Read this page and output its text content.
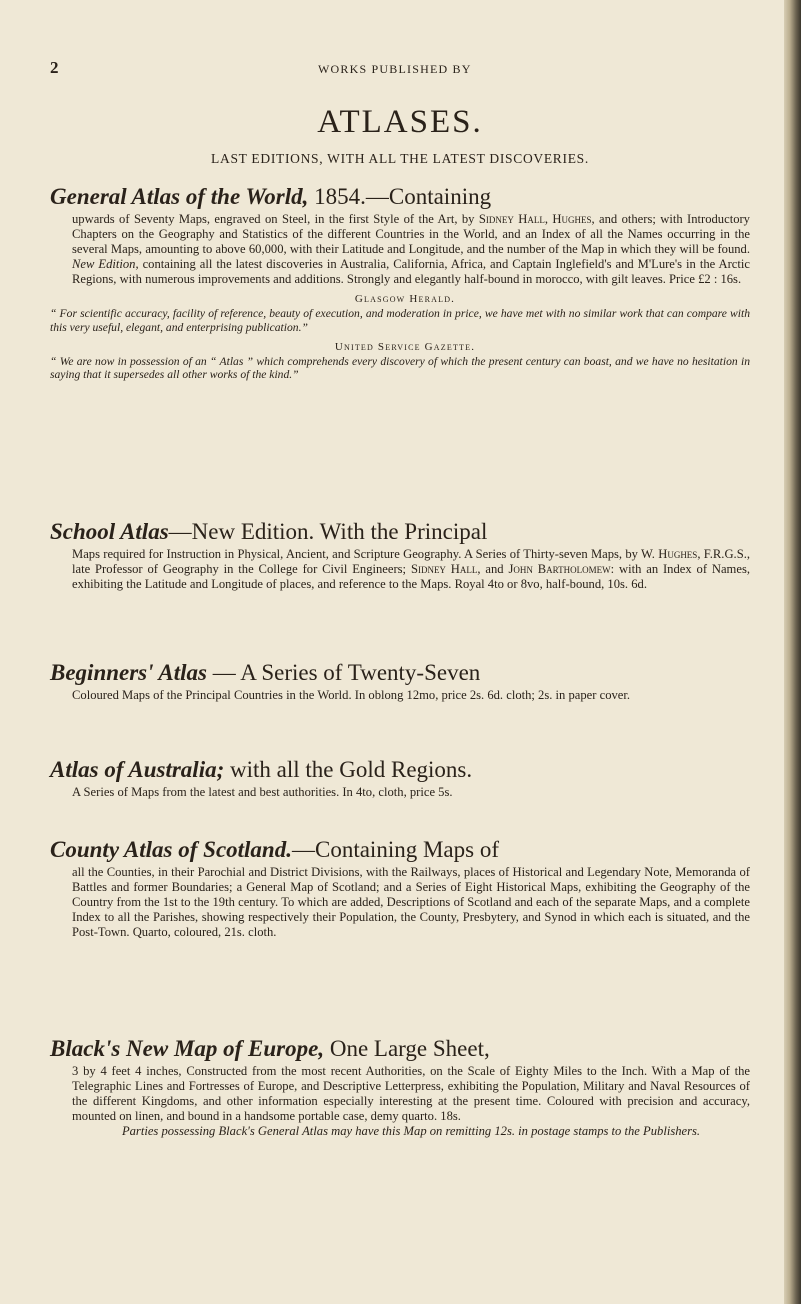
2	WORKS PUBLISHED BY
ATLASES.
LAST EDITIONS, WITH ALL THE LATEST DISCOVERIES.
General Atlas of the World, 1854.—Containing
upwards of Seventy Maps, engraved on Steel, in the first Style of the Art, by Sidney Hall, Hughes, and others; with Introductory Chapters on the Geography and Statistics of the different Countries in the World, and an Index of all the Names occurring in the several Maps, amounting to above 60,000, with their Latitude and Longitude, and the number of the Map in which they will be found. New Edition, containing all the latest discoveries in Australia, California, Africa, and Captain Inglefield's and M'Lure's in the Arctic Regions, with numerous improvements and additions. Strongly and elegantly half-bound in morocco, with gilt leaves. Price £2 : 16s.
Glasgow Herald.
“ For scientific accuracy, facility of reference, beauty of execution, and moderation in price, we have met with no similar work that can compare with this very useful, elegant, and enterprising publication.”
United Service Gazette.
“ We are now in possession of an “ Atlas ” which comprehends every discovery of which the present century can boast, and we have no hesitation in saying that it supersedes all other works of the kind.”
School Atlas—New Edition. With the Principal
Maps required for Instruction in Physical, Ancient, and Scripture Geography. A Series of Thirty-seven Maps, by W. Hughes, F.R.G.S., late Professor of Geography in the College for Civil Engineers; Sidney Hall, and John Bartholomew: with an Index of Names, exhibiting the Latitude and Longitude of places, and reference to the Maps. Royal 4to or 8vo, half-bound, 10s. 6d.
Beginners' Atlas — A Series of Twenty-Seven
Coloured Maps of the Principal Countries in the World. In oblong 12mo, price 2s. 6d. cloth; 2s. in paper cover.
Atlas of Australia; with all the Gold Regions.
A Series of Maps from the latest and best authorities. In 4to, cloth, price 5s.
County Atlas of Scotland.—Containing Maps of
all the Counties, in their Parochial and District Divisions, with the Railways, places of Historical and Legendary Note, Memoranda of Battles and former Boundaries; a General Map of Scotland; and a Series of Eight Historical Maps, exhibiting the Geography of the Country from the 1st to the 19th century. To which are added, Descriptions of Scotland and each of the separate Maps, and a complete Index to all the Parishes, showing respectively their Population, the County, Presbytery, and Synod in which each is situated, and the Post-Town. Quarto, coloured, 21s. cloth.
Black's New Map of Europe, One Large Sheet,
3 by 4 feet 4 inches, Constructed from the most recent Authorities, on the Scale of Eighty Miles to the Inch. With a Map of the Telegraphic Lines and Fortresses of Europe, and Descriptive Letterpress, exhibiting the Population, Military and Naval Resources of the different Kingdoms, and other information especially interesting at the present time. Coloured with precision and accuracy, mounted on linen, and bound in a handsome portable case, demy quarto. 18s.
Parties possessing Black's General Atlas may have this Map on remitting 12s. in postage stamps to the Publishers.
